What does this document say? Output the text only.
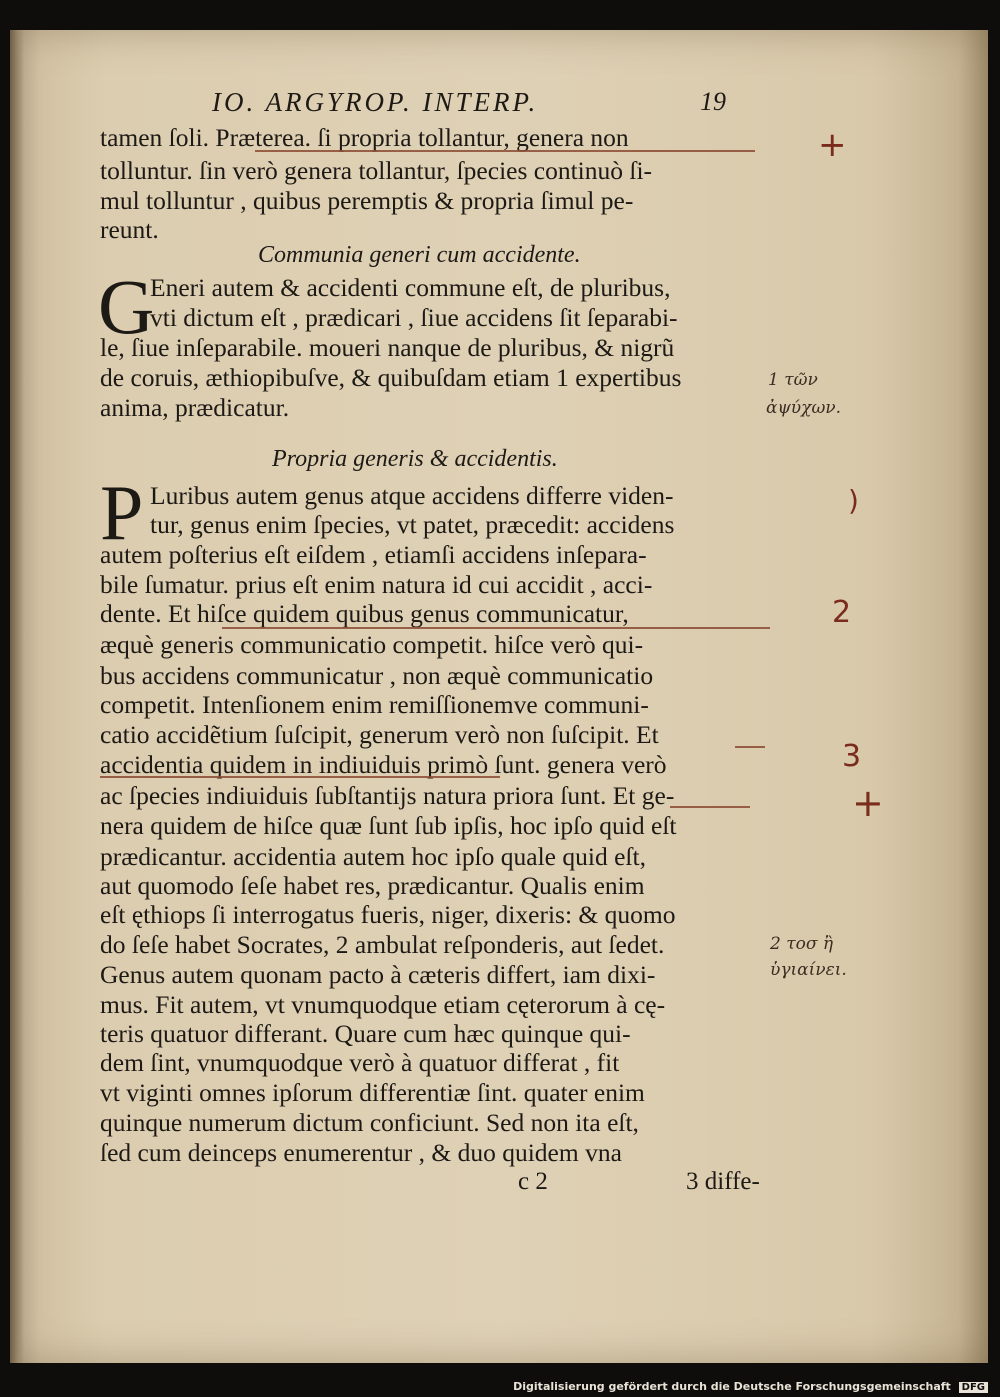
IO. ARGYROP. INTERP.	19
tamen ſoli. Præterea. ſi propria tollantur, genera non
tolluntur. ſin verò genera tollantur, ſpecies continuò ſi-
mul tolluntur , quibus peremptis & propria ſimul pe-
reunt.
Communia generi cum accidente.
G
Eneri autem & accidenti commune eſt, de pluribus,
vti dictum eſt , prædicari , ſiue accidens ſit ſeparabi-
le, ſiue inſeparabile. moueri nanque de pluribus, & nigrũ
de coruis, æthiopibuſve, & quibuſdam etiam 1 expertibus
anima, prædicatur.
Propria generis & accidentis.
P Luribus autem genus atque accidens differre viden-
tur, genus enim ſpecies, vt patet, præcedit: accidens
autem poſterius eſt eiſdem , etiamſi accidens inſepara-
bile ſumatur. prius eſt enim natura id cui accidit , acci-
dente. Et hiſce quidem quibus genus communicatur,
æquè generis communicatio competit. hiſce verò qui-
bus accidens communicatur , non æquè communicatio
competit. Intenſionem enim remiſſionemve communi-
catio accidẽtium ſuſcipit, generum verò non ſuſcipit. Et
accidentia quidem in indiuiduis primò ſunt. genera verò
ac ſpecies indiuiduis ſubſtantijs natura priora ſunt. Et ge-
nera quidem de hiſce quæ ſunt ſub ipſis, hoc ipſo quid eſt
prædicantur. accidentia autem hoc ipſo quale quid eſt,
aut quomodo ſeſe habet res, prædicantur. Qualis enim
eſt ęthiops ſi interrogatus fueris, niger, dixeris: & quomo
do ſeſe habet Socrates, 2 ambulat reſponderis, aut ſedet.
Genus autem quonam pacto à cæteris differt, iam dixi-
mus. Fit autem, vt vnumquodque etiam cęterorum à cę-
teris quatuor differant. Quare cum hæc quinque qui-
dem ſint, vnumquodque verò à quatuor differat , fit
vt viginti omnes ipſorum differentiæ ſint. quater enim
quinque numerum dictum conficiunt. Sed non ita eſt,
ſed cum deinceps enumerentur , & duo quidem vna
c 2	3 diffe-
1 τῶν
ἀψύχων.
2 τοσ ἢ
ὑγιαίνει.
+
)
2
3
+
Digitalisierung gefördert durch die Deutsche Forschungsgemeinschaft DFG
